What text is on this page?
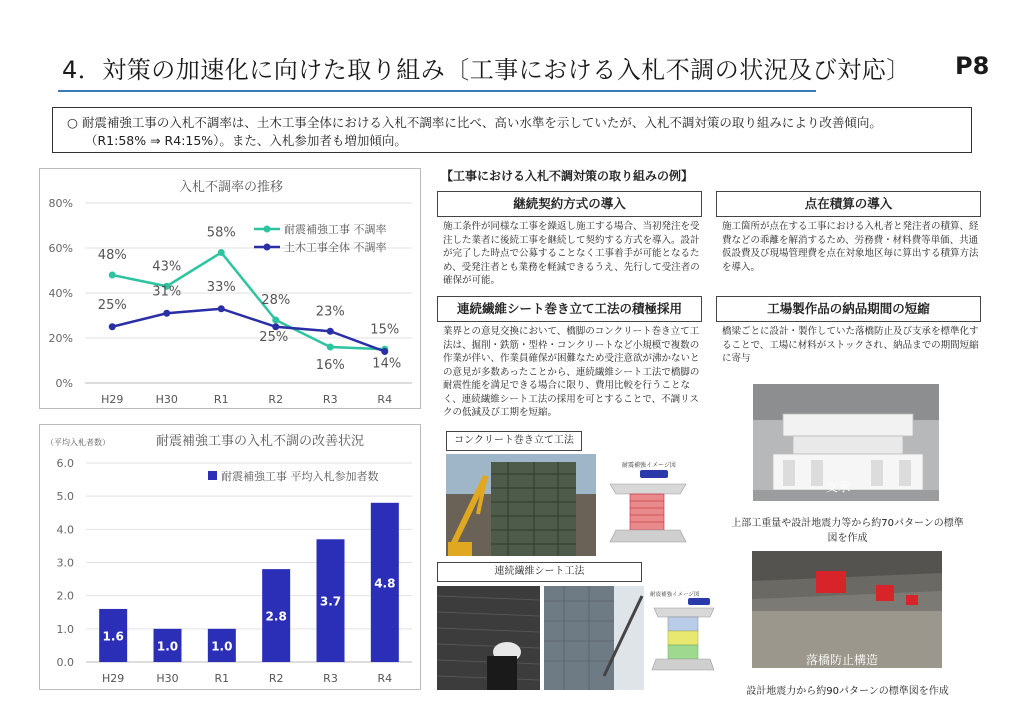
4．対策の加速化に向けた取り組み〔工事における入札不調の状況及び対応〕 P8
○ 耐震補強工事の入札不調率は、土木工事全体における入札不調率に比べ、高い水準を示していたが、入札不調対策の取り組みにより改善傾向。
（R1:58% ⇒ R4:15%）。また、入札参加者も増加傾向。
入札不調率の推移
0%
20%
40%
60%
80%
H29	H30	R1	R2	R3	R4
48%
43%
58%
28%
16%
15%
25%
31% 33%
25%
23%
14%
耐震補強工事 不調率
土木工事全体 不調率
（平均入札者数）	耐震補強工事の入札不調の改善状況
0.0
1.0
2.0
3.0
4.0
5.0
6.0
1.6
1.0	1.0
2.8
3.7
4.8
H29	H30	R1	R2	R3	R4
耐震補強工事 平均入札参加者数
【工事における入札不調対策の取り組みの例】
継続契約方式の導入
施工条件が同様な工事を繰返し施工する場合、当初発注を受注した業者に後続工事を継続して契約する方式を導入。設計が完了した時点で公募することなく工事着手が可能となるため、受発注者とも業務を軽減できるうえ、先行して受注者の確保が可能。
点在積算の導入
施工箇所が点在する工事における入札者と発注者の積算、経費などの乖離を解消するため、労務費・材料費等単価、共通仮設費及び現場管理費を点在対象地区毎に算出する積算方法を導入。
連続繊維シート巻き立て工法の積極採用
業界との意見交換において、橋脚のコンクリート巻き立て工法は、掘削・鉄筋・型枠・コンクリートなど小規模で複数の作業が伴い、作業員確保が困難なため受注意欲が沸かないとの意見が多数あったことから、連続繊維シート工法で橋脚の耐震性能を満足できる場合に限り、費用比較を行うことなく、連続繊維シート工法の採用を可とすることで、不調リスクの低減及び工期を短縮。
工場製作品の納品期間の短縮
橋梁ごとに設計・製作していた落橋防止及び支承を標準化することで、工場に材料がストックされ、納品までの期間短縮に寄与
コンクリート巻き立て工法
耐震補強イメージ図
連続繊維シート工法
耐震補強イメージ図
支承
上部工重量や設計地震力等から約70パターンの標準図を作成
落橋防止構造
設計地震力から約90パターンの標準図を作成
